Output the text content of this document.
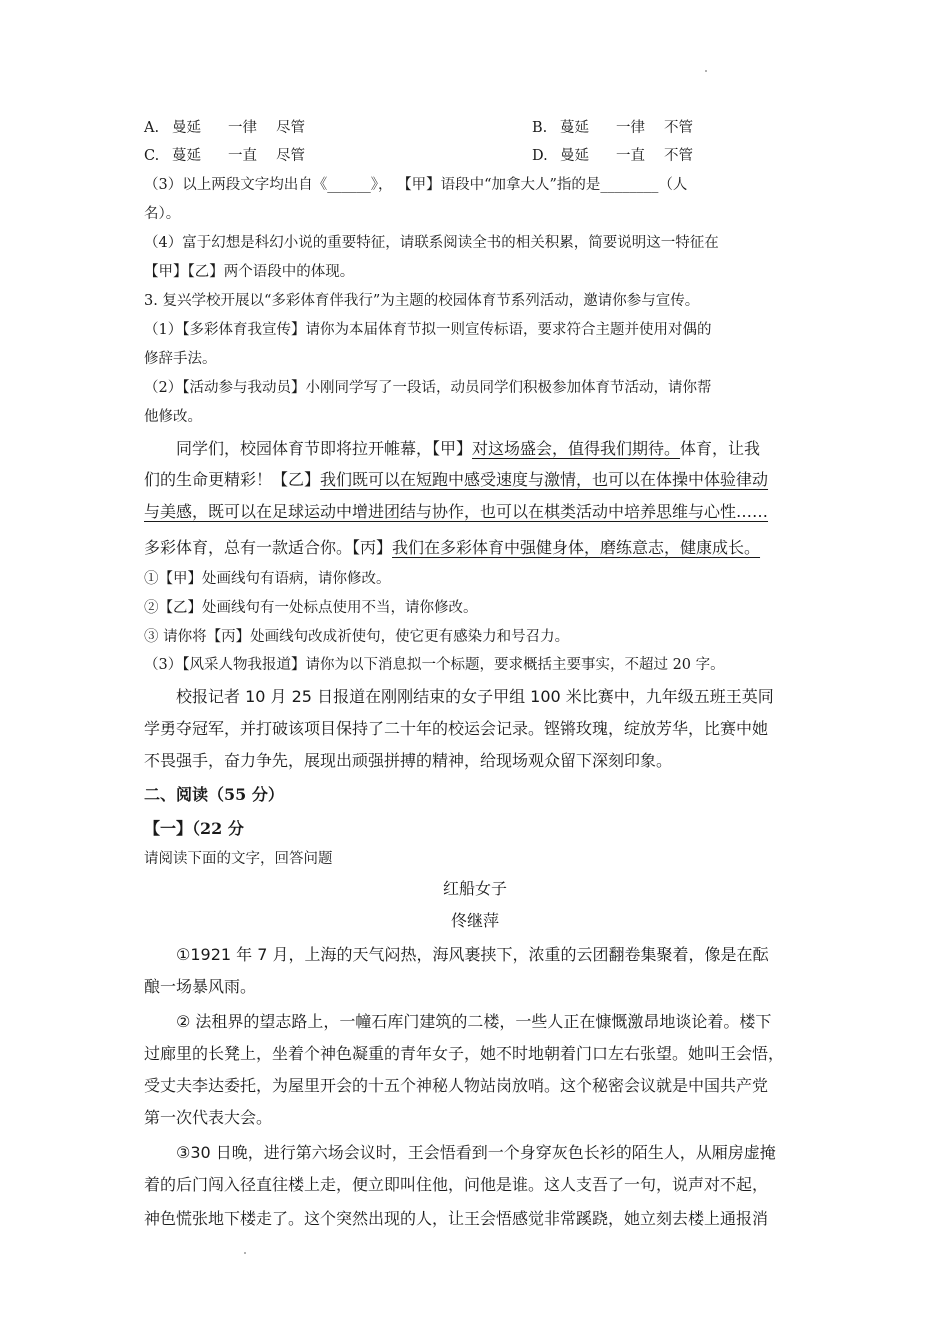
A. 曼延 一律 尽管	B. 蔓延 一律 不管
C. 蔓延 一直 尽管	D. 曼延 一直 不管
（3）以上两段文字均出自《______》， 【甲】语段中“加拿大人”指的是________（人
名）。
（4）富于幻想是科幻小说的重要特征，请联系阅读全书的相关积累，简要说明这一特征在
【甲】【乙】两个语段中的体现。
3. 复兴学校开展以“多彩体育伴我行”为主题的校园体育节系列活动，邀请你参与宣传。
（1）【多彩体育我宣传】请你为本届体育节拟一则宣传标语，要求符合主题并使用对偶的
修辞手法。
（2）【活动参与我动员】小刚同学写了一段话，动员同学们积极参加体育节活动，请你帮
他修改。
同学们，校园体育节即将拉开帷幕，【甲】对这场盛会，值得我们期待。体育，让我
们的生命更精彩！【乙】我们既可以在短跑中感受速度与激情，也可以在体操中体验律动
与美感，既可以在足球运动中增进团结与协作，也可以在棋类活动中培养思维与心性……
多彩体育，总有一款适合你。【丙】我们在多彩体育中强健身体，磨练意志，健康成长。
①【甲】处画线句有语病，请你修改。
②【乙】处画线句有一处标点使用不当，请你修改。
③ 请你将【丙】处画线句改成祈使句，使它更有感染力和号召力。
（3）【风采人物我报道】请你为以下消息拟一个标题，要求概括主要事实，不超过 20 字。
校报记者 10 月 25 日报道在刚刚结束的女子甲组 100 米比赛中，九年级五班王英同
学勇夺冠军，并打破该项目保持了二十年的校运会记录。铿锵玫瑰，绽放芳华，比赛中她
不畏强手，奋力争先，展现出顽强拼搏的精神，给现场观众留下深刻印象。
二、阅读（55 分）
【一】（22 分
请阅读下面的文字，回答问题
红船女子
佟继萍
①1921 年 7 月，上海的天气闷热，海风裹挟下，浓重的云团翻卷集聚着，像是在酝
酿一场暴风雨。
② 法租界的望志路上，一幢石库门建筑的二楼，一些人正在慷慨激昂地谈论着。楼下
过廊里的长凳上，坐着个神色凝重的青年女子，她不时地朝着门口左右张望。她叫王会悟，
受丈夫李达委托，为屋里开会的十五个神秘人物站岗放哨。这个秘密会议就是中国共产党
第一次代表大会。
③30 日晚，进行第六场会议时，王会悟看到一个身穿灰色长衫的陌生人，从厢房虚掩
着的后门闯入径直往楼上走，便立即叫住他，问他是谁。这人支吾了一句，说声对不起，
神色慌张地下楼走了。这个突然出现的人，让王会悟感觉非常蹊跷，她立刻去楼上通报消
